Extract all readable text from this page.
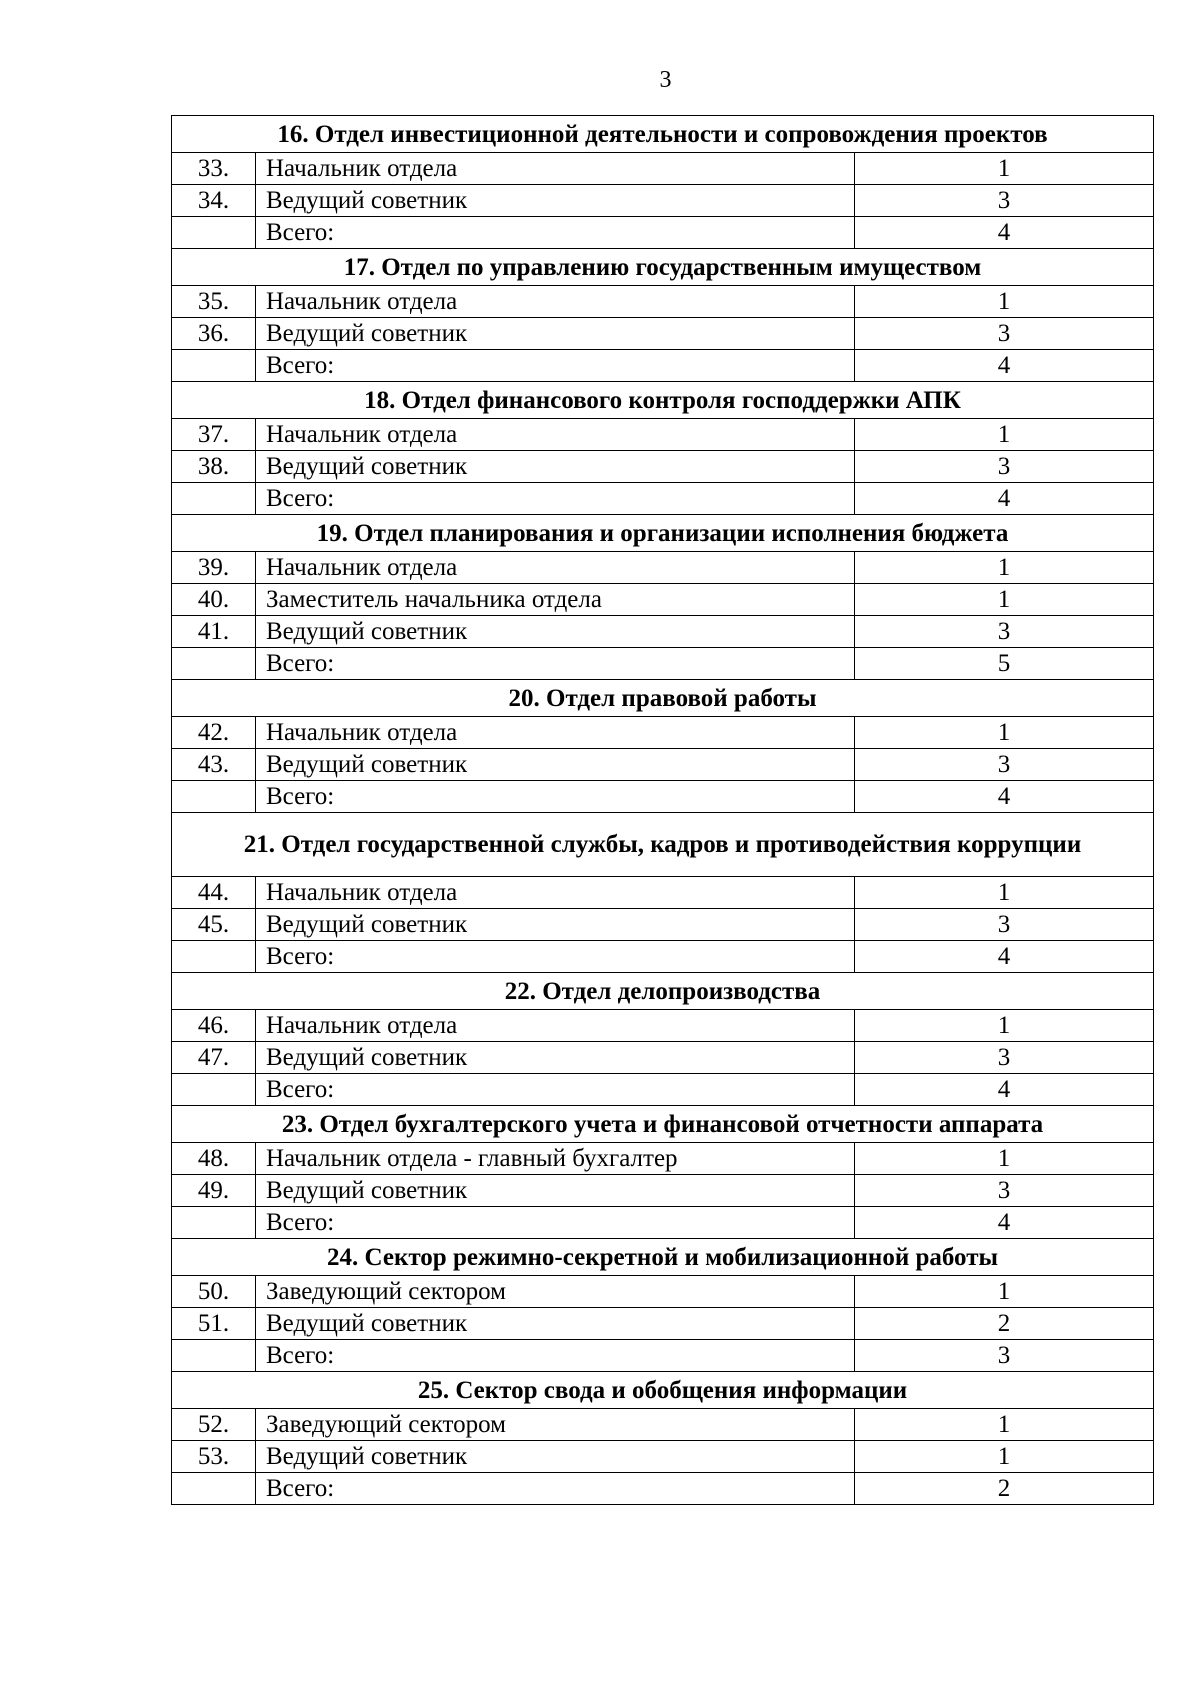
3
16. Отдел инвестиционной деятельности и сопровождения проектов		
33.	Начальник отдела	1
34.	Ведущий советник	3
	Всего:	4
17. Отдел по управлению государственным имуществом		
35.	Начальник отдела	1
36.	Ведущий советник	3
	Всего:	4
18. Отдел финансового контроля господдержки АПК		
37.	Начальник отдела	1
38.	Ведущий советник	3
	Всего:	4
19. Отдел планирования и организации исполнения бюджета		
39.	Начальник отдела	1
40.	Заместитель начальника отдела	1
41.	Ведущий советник	3
	Всего:	5
20. Отдел правовой работы		
42.	Начальник отдела	1
43.	Ведущий советник	3
	Всего:	4
21. Отдел государственной службы, кадров и противодействия коррупции		
44.	Начальник отдела	1
45.	Ведущий советник	3
	Всего:	4
22. Отдел делопроизводства		
46.	Начальник отдела	1
47.	Ведущий советник	3
	Всего:	4
23. Отдел бухгалтерского учета и финансовой отчетности аппарата		
48.	Начальник отдела - главный бухгалтер	1
49.	Ведущий советник	3
	Всего:	4
24. Сектор режимно-секретной и мобилизационной работы		
50.	Заведующий сектором	1
51.	Ведущий советник	2
	Всего:	3
25. Сектор свода и обобщения информации		
52.	Заведующий сектором	1
53.	Ведущий советник	1
	Всего:	2
